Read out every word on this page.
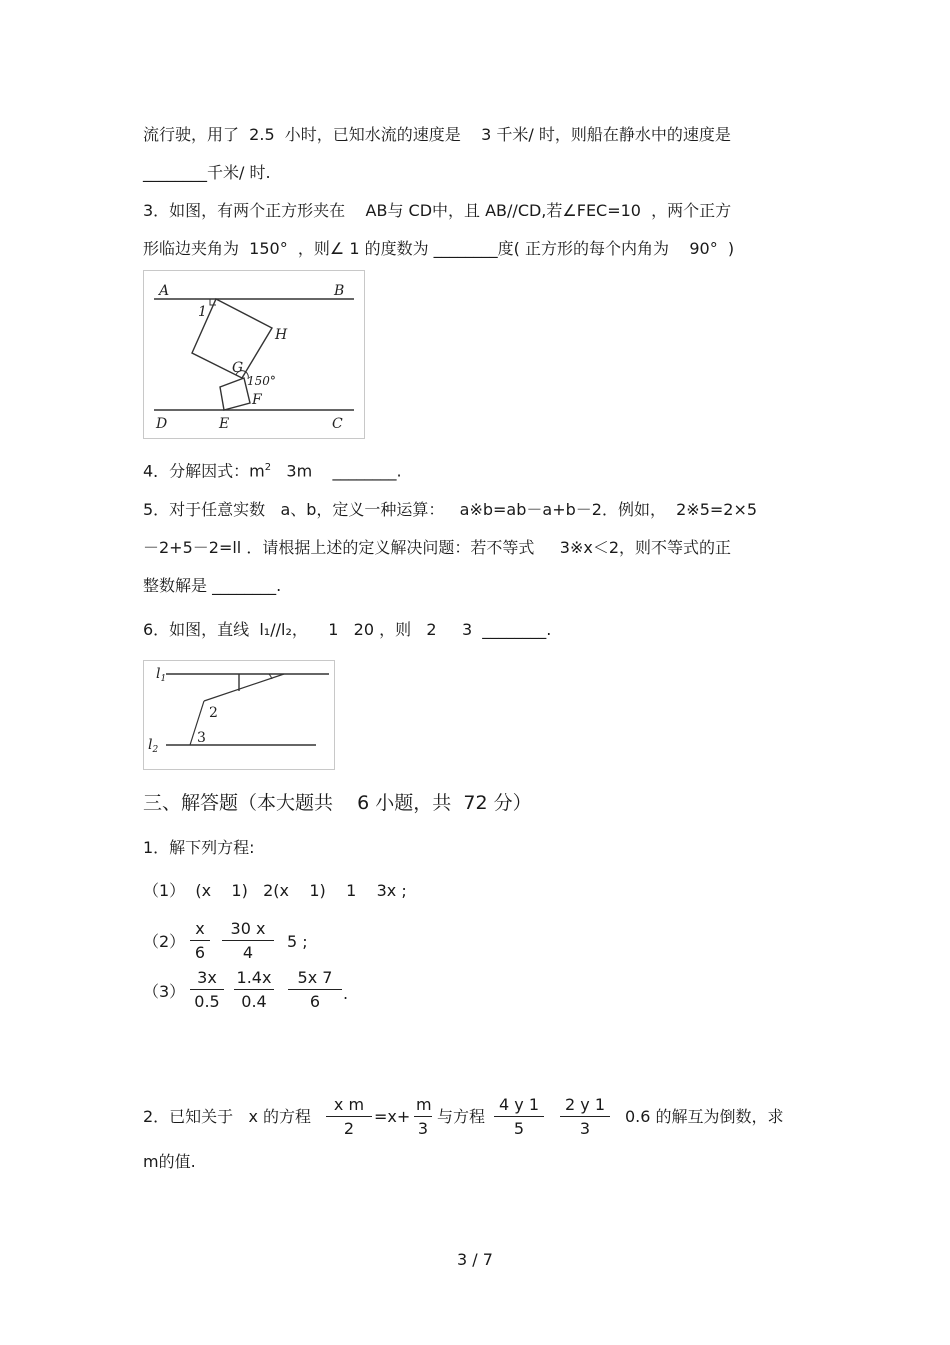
流行驶，用了  2.5  小时，已知水流的速度是    3 千米/ 时，则船在静水中的速度是
________千米/ 时.
3．如图，有两个正方形夹在    AB与 CD中，且 AB//CD,若∠FEC=10  ，两个正方
形临边夹角为  150°  ，则∠ 1 的度数为 ________度( 正方形的每个内角为    90°  )
A	B
D	E	C
1
H
G
150°
F
4．分解因式：$m^2$   3m    ________.
5．对于任意实数   a、b，定义一种运算：   a※b=ab－a+b－2．例如，  2※5=2×5
－2+5－2=ll ．请根据上述的定义解决问题：若不等式     3※x＜2，则不等式的正
整数解是 ________.
6．如图，直线  l₁//l₂，    1   20 ，则   2     3  ________.
$l_1$
$l_2$
2
3
三、解答题（本大题共    6 小题，共  72 分）
1．解下列方程:
（1）  (x    1)   2(x    1)    1    3x ;
$(2) \frac{x}{6} \frac{30 x}{4} 5$ ;
$(3) \frac{3x}{0.5} \frac{1.4x}{0.4} \frac{5x 7}{6}$ .
2．已知关于   x 的方程 $\frac{\text{x m}}{2} =x+ \frac{m}{3}$ 与方程 $\frac{4 y 1}{5} \frac{2 y 1}{3} 0.6$ 的解互为倒数，求
m的值.
3 / 7
